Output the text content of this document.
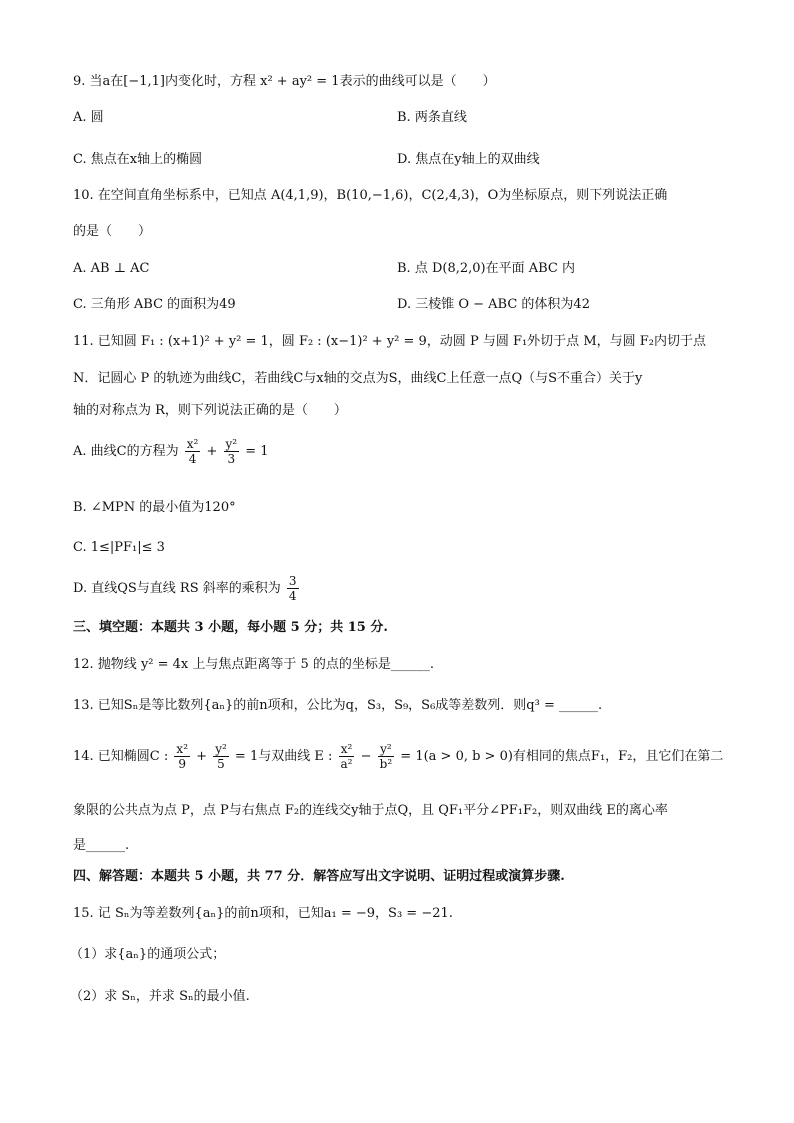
9. 当a在[−1,1]内变化时，方程 x² + ay² = 1表示的曲线可以是（　　）
A. 圆	B. 两条直线
C. 焦点在x轴上的椭圆	D. 焦点在y轴上的双曲线
10. 在空间直角坐标系中，已知点 A(4,1,9)，B(10,−1,6)，C(2,4,3)，O为坐标原点，则下列说法正确
的是（　　）
A. AB ⊥ AC	B. 点 D(8,2,0)在平面 ABC 内
C. 三角形 ABC 的面积为49	D. 三棱锥 O − ABC 的体积为42
11. 已知圆 F₁ : (x+1)² + y² = 1，圆 F₂ : (x−1)² + y² = 9，动圆 P 与圆 F₁外切于点 M，与圆 F₂内切于点
N．记圆心 P 的轨迹为曲线C，若曲线C与x轴的交点为S，曲线C上任意一点Q（与S不重合）关于y
轴的对称点为 R，则下列说法正确的是（　　）
A. 曲线C的方程为 $\frac{\text{x²}}{4} + \frac{\text{y²}}{3} = 1$
B. ∠MPN 的最小值为120°
C. 1≤|PF₁|≤ 3
D. 直线QS与直线 RS 斜率的乘积为 $\frac{3}{4}$
三、填空题：本题共 3 小题，每小题 5 分；共 15 分.
12. 抛物线 y² = 4x 上与焦点距离等于 5 的点的坐标是______.
13. 已知Sₙ是等比数列{aₙ}的前n项和，公比为q，S₃，S₉，S₆成等差数列．则q³ = ______.
14. 已知椭圆C : $\frac{\text{x²}}{9} + \frac{\text{y²}}{5} = 1$与双曲线 E : $\frac{\text{x²}}{\text{a²}} - \frac{\text{y²}}{\text{b²}} = 1(a > 0$, b > 0)有相同的焦点F₁，F₂，且它们在第二
象限的公共点为点 P，点 P与右焦点 F₂的连线交y轴于点Q，且 QF₁平分∠PF₁F₂，则双曲线 E的离心率
是______.
四、解答题：本题共 5 小题，共 77 分．解答应写出文字说明、证明过程或演算步骤.
15. 记 Sₙ为等差数列{aₙ}的前n项和，已知a₁ = −9，S₃ = −21.
（1）求{aₙ}的通项公式；
（2）求 Sₙ，并求 Sₙ的最小值.
